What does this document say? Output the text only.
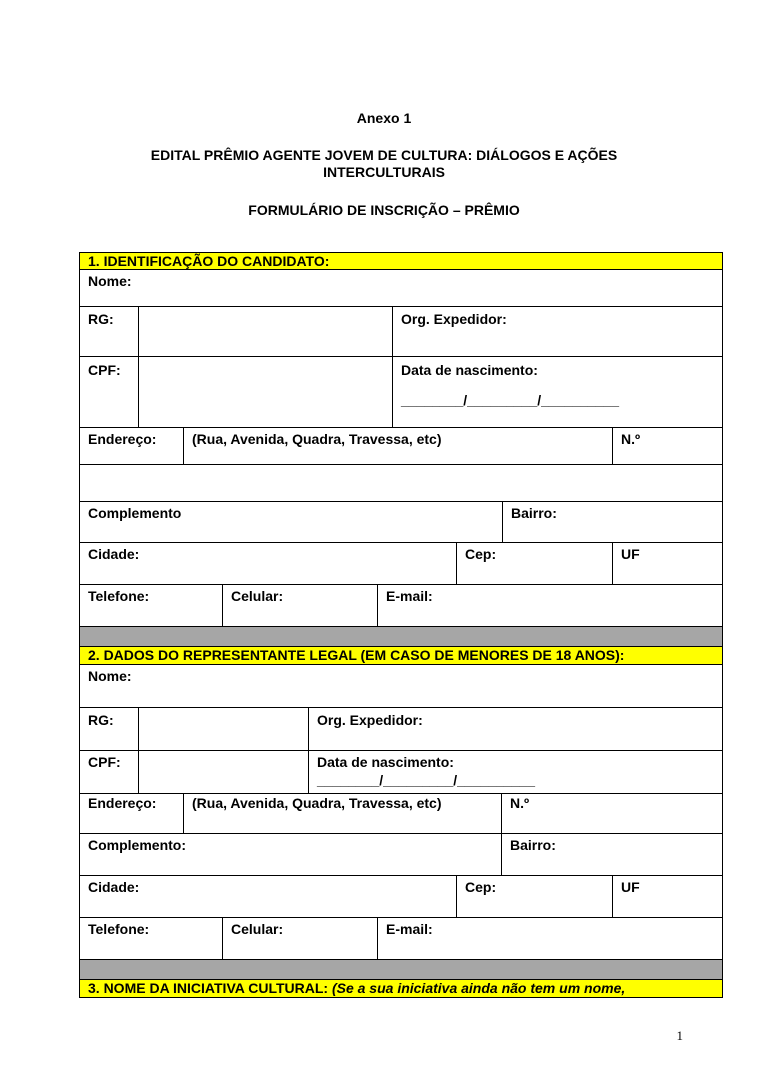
Anexo 1
EDITAL PRÊMIO AGENTE JOVEM DE CULTURA: DIÁLOGOS E AÇÕES
INTERCULTURAIS
FORMULÁRIO DE INSCRIÇÃO – PRÊMIO
1. IDENTIFICAÇÃO DO CANDIDATO:
Nome:
RG:	Org. Expedidor:
CPF:	Data de nascimento:
________/_________/__________
Endereço:	(Rua, Avenida, Quadra, Travessa, etc)	N.º
Complemento	Bairro:
Cidade:	Cep:	UF
Telefone:	Celular:	E-mail:
2. DADOS DO REPRESENTANTE LEGAL (EM CASO DE MENORES DE 18 ANOS):
Nome:
RG:	Org. Expedidor:
CPF:	Data de nascimento:
________/_________/__________
Endereço:	(Rua, Avenida, Quadra, Travessa, etc)	N.º
Complemento:	Bairro:
Cidade:	Cep:	UF
Telefone:	Celular:	E-mail:
3. NOME DA INICIATIVA CULTURAL: (Se a sua iniciativa ainda não tem um nome,
1
